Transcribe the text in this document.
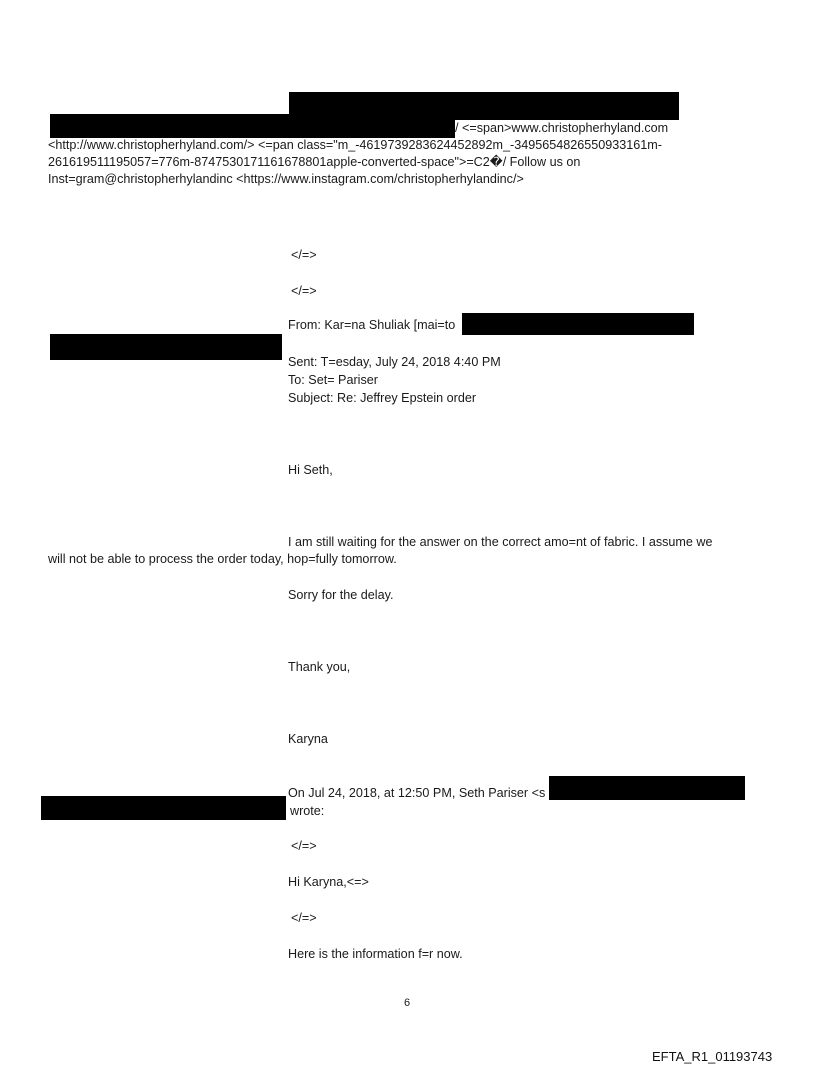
/ <=span>www.christopherhyland.com
<http://www.christopherhyland.com/> <=pan class="m_-4619739283624452892m_-3495654826550933161m-
261619511195057=776m-8747530171161678801apple-converted-space">=C2�/ Follow us on
Inst=gram@christopherhylandinc <https://www.instagram.com/christopherhylandinc/>
</=>
</=>
From: Kar=na Shuliak [mai=to
Sent: T=esday, July 24, 2018 4:40 PM
To: Set= Pariser
Subject: Re: Jeffrey Epstein order
Hi Seth,
I am still waiting for the answer on the correct amo=nt of fabric. I assume we
will not be able to process the order today, hop=fully tomorrow.
Sorry for the delay.
Thank you,
Karyna
On Jul 24, 2018, at 12:50 PM, Seth Pariser <s
wrote:
</=>
Hi Karyna,<=>
</=>
Here is the information f=r now.
6
EFTA_R1_01193743
